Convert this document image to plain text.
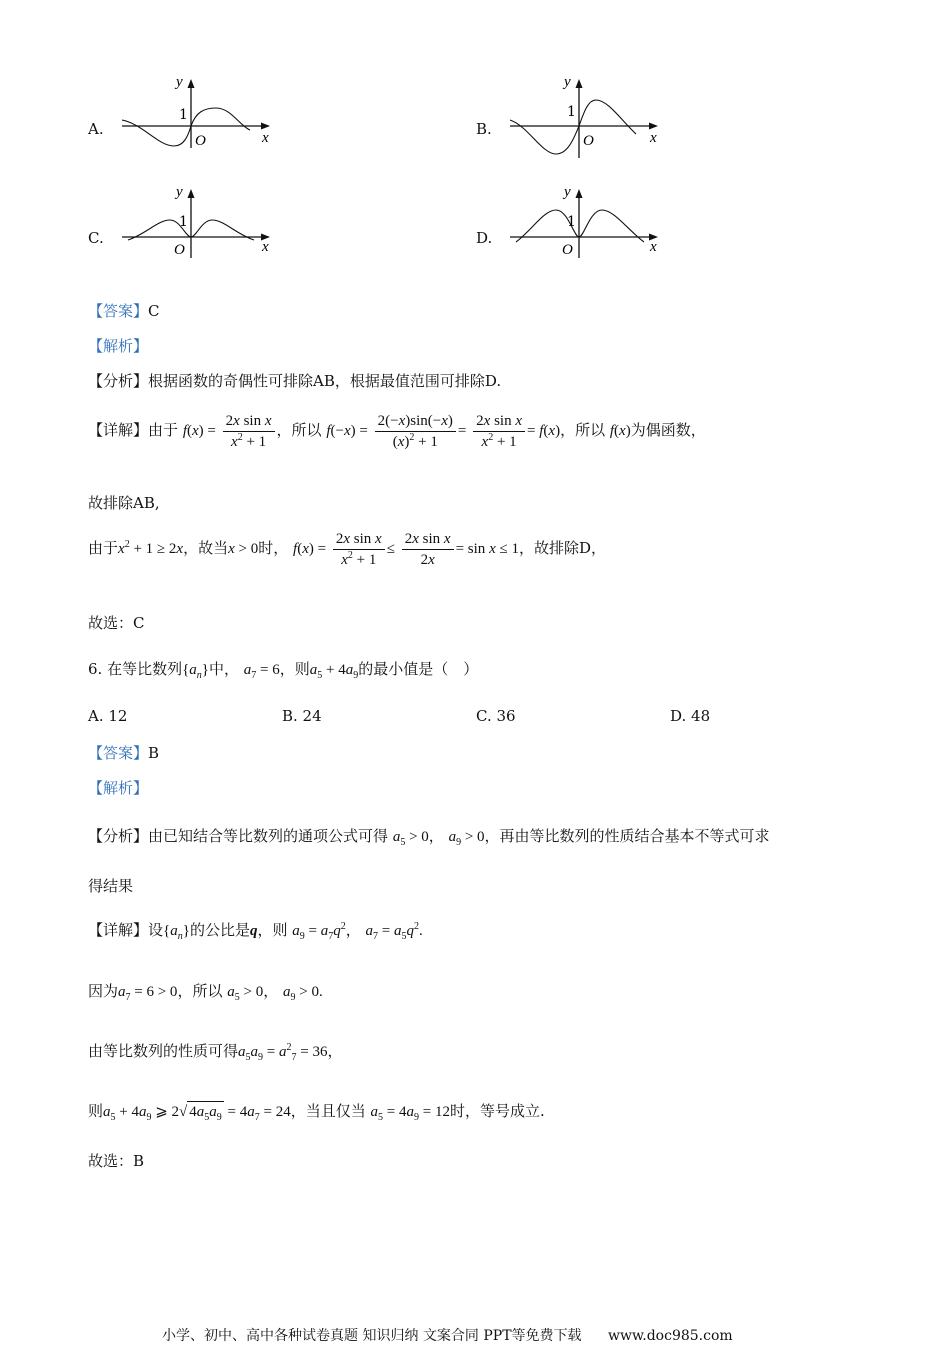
A.
y
1
O	x	B.
y
1
O	x
C.
y
1
O	x	D.
y
1
O	x
【答案】C
【解析】
【分析】根据函数的奇偶性可排除AB，根据最值范围可排除D.
【详解】由于 $f(x) = \frac{\text{2x sin x}}{x^2 + 1}$ ，所以 $f(-x) = \frac{2(-x)\sin(-x)}{(x)^2 + 1} = \frac{\text{2x sin x}}{x^2 + 1} = f(x)$，所以 f(x)为偶函数，
故排除AB,
由于$x^2 + 1 \ge 2x$，故当x > 0时， $f(x) = \frac{\text{2x sin x}}{x^2 + 1} \le \frac{\text{2x sin x}}{2x} = \sin x \le 1$，故排除D，
故选：C
6. 在等比数列$\{a_n\}$中， $a_7 = 6$，则$a_5 + 4a_9$的最小值是（　）
A. 12	B. 24	C. 36	D. 48
【答案】B
【解析】
【分析】由已知结合等比数列的通项公式可得 $a_5 > 0$， $a_9 > 0$，再由等比数列的性质结合基本不等式可求
得结果
【详解】设$\{a_n\}$的公比是q，则 $a_9 = a_7q^2$， $a_7 = a_5q^2$.
因为$a_7 = 6 > 0$，所以 $a_5 > 0$， $a_9 > 0$.
由等比数列的性质可得$a_5a_9 = a^2_7 = 36$，
则$a_5 + 4a_9$ ⩾ 2√ $4a_5a_9 = 4a_7 = 24$，当且仅当 $a_5 = 4a_9 = 12$时，等号成立.
故选：B
小学、初中、高中各种试卷真题 知识归纳 文案合同 PPT等免费下载 www.doc985.com
